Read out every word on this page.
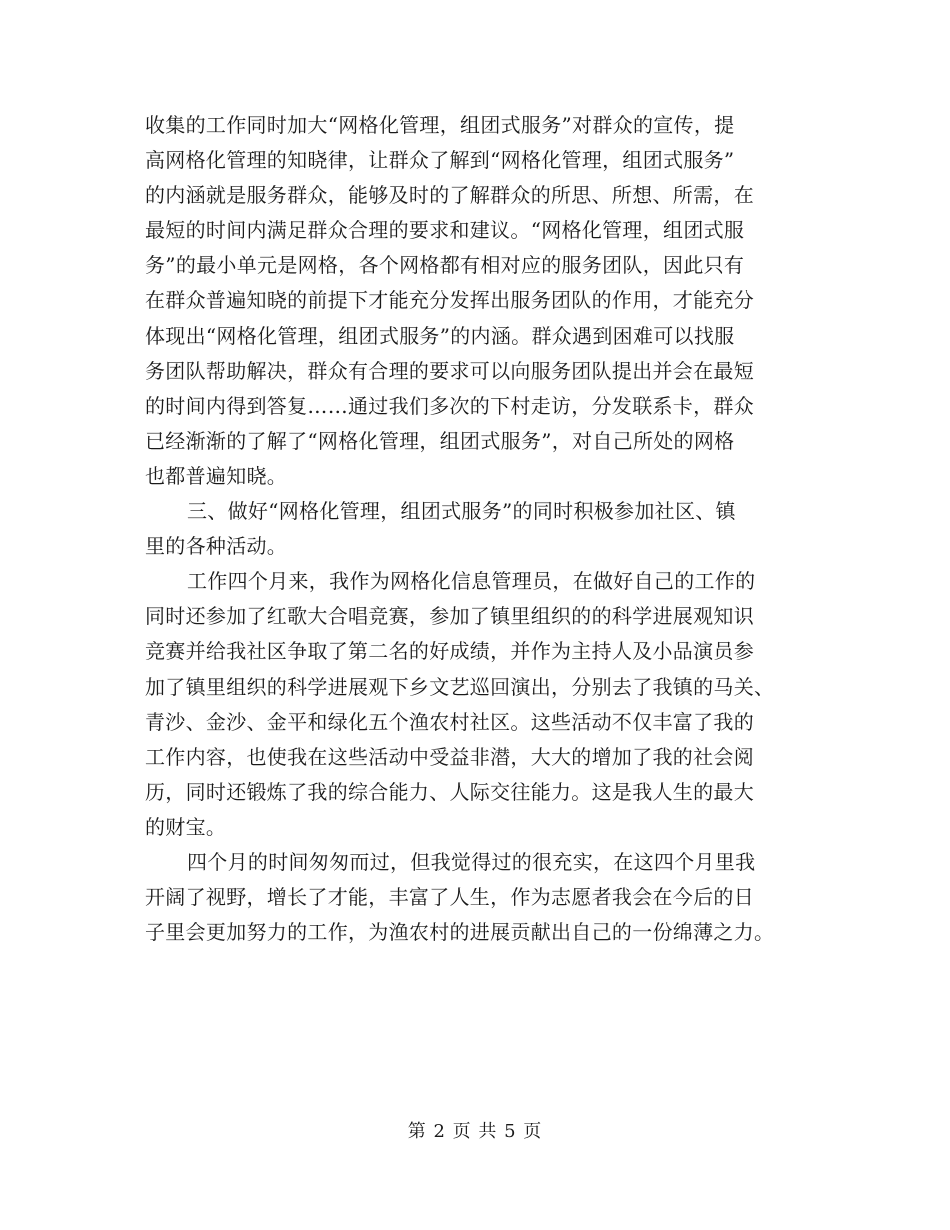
收集的工作同时加大“网格化管理，组团式服务”对群众的宣传，提
高网格化管理的知晓律，让群众了解到“网格化管理，组团式服务”
的内涵就是服务群众，能够及时的了解群众的所思、所想、所需，在
最短的时间内满足群众合理的要求和建议。“网格化管理，组团式服
务”的最小单元是网格，各个网格都有相对应的服务团队，因此只有
在群众普遍知晓的前提下才能充分发挥出服务团队的作用，才能充分
体现出“网格化管理，组团式服务”的内涵。群众遇到困难可以找服
务团队帮助解决，群众有合理的要求可以向服务团队提出并会在最短
的时间内得到答复……通过我们多次的下村走访，分发联系卡，群众
已经渐渐的了解了“网格化管理，组团式服务”，对自己所处的网格
也都普遍知晓。
三、做好“网格化管理，组团式服务”的同时积极参加社区、镇
里的各种活动。
工作四个月来，我作为网格化信息管理员，在做好自己的工作的
同时还参加了红歌大合唱竞赛，参加了镇里组织的的科学进展观知识
竞赛并给我社区争取了第二名的好成绩，并作为主持人及小品演员参
加了镇里组织的科学进展观下乡文艺巡回演出，分别去了我镇的马关、
青沙、金沙、金平和绿化五个渔农村社区。这些活动不仅丰富了我的
工作内容，也使我在这些活动中受益非潜，大大的增加了我的社会阅
历，同时还锻炼了我的综合能力、人际交往能力。这是我人生的最大
的财宝。
四个月的时间匆匆而过，但我觉得过的很充实，在这四个月里我
开阔了视野，增长了才能，丰富了人生，作为志愿者我会在今后的日
子里会更加努力的工作，为渔农村的进展贡献出自己的一份绵薄之力。
第 2 页 共 5 页
